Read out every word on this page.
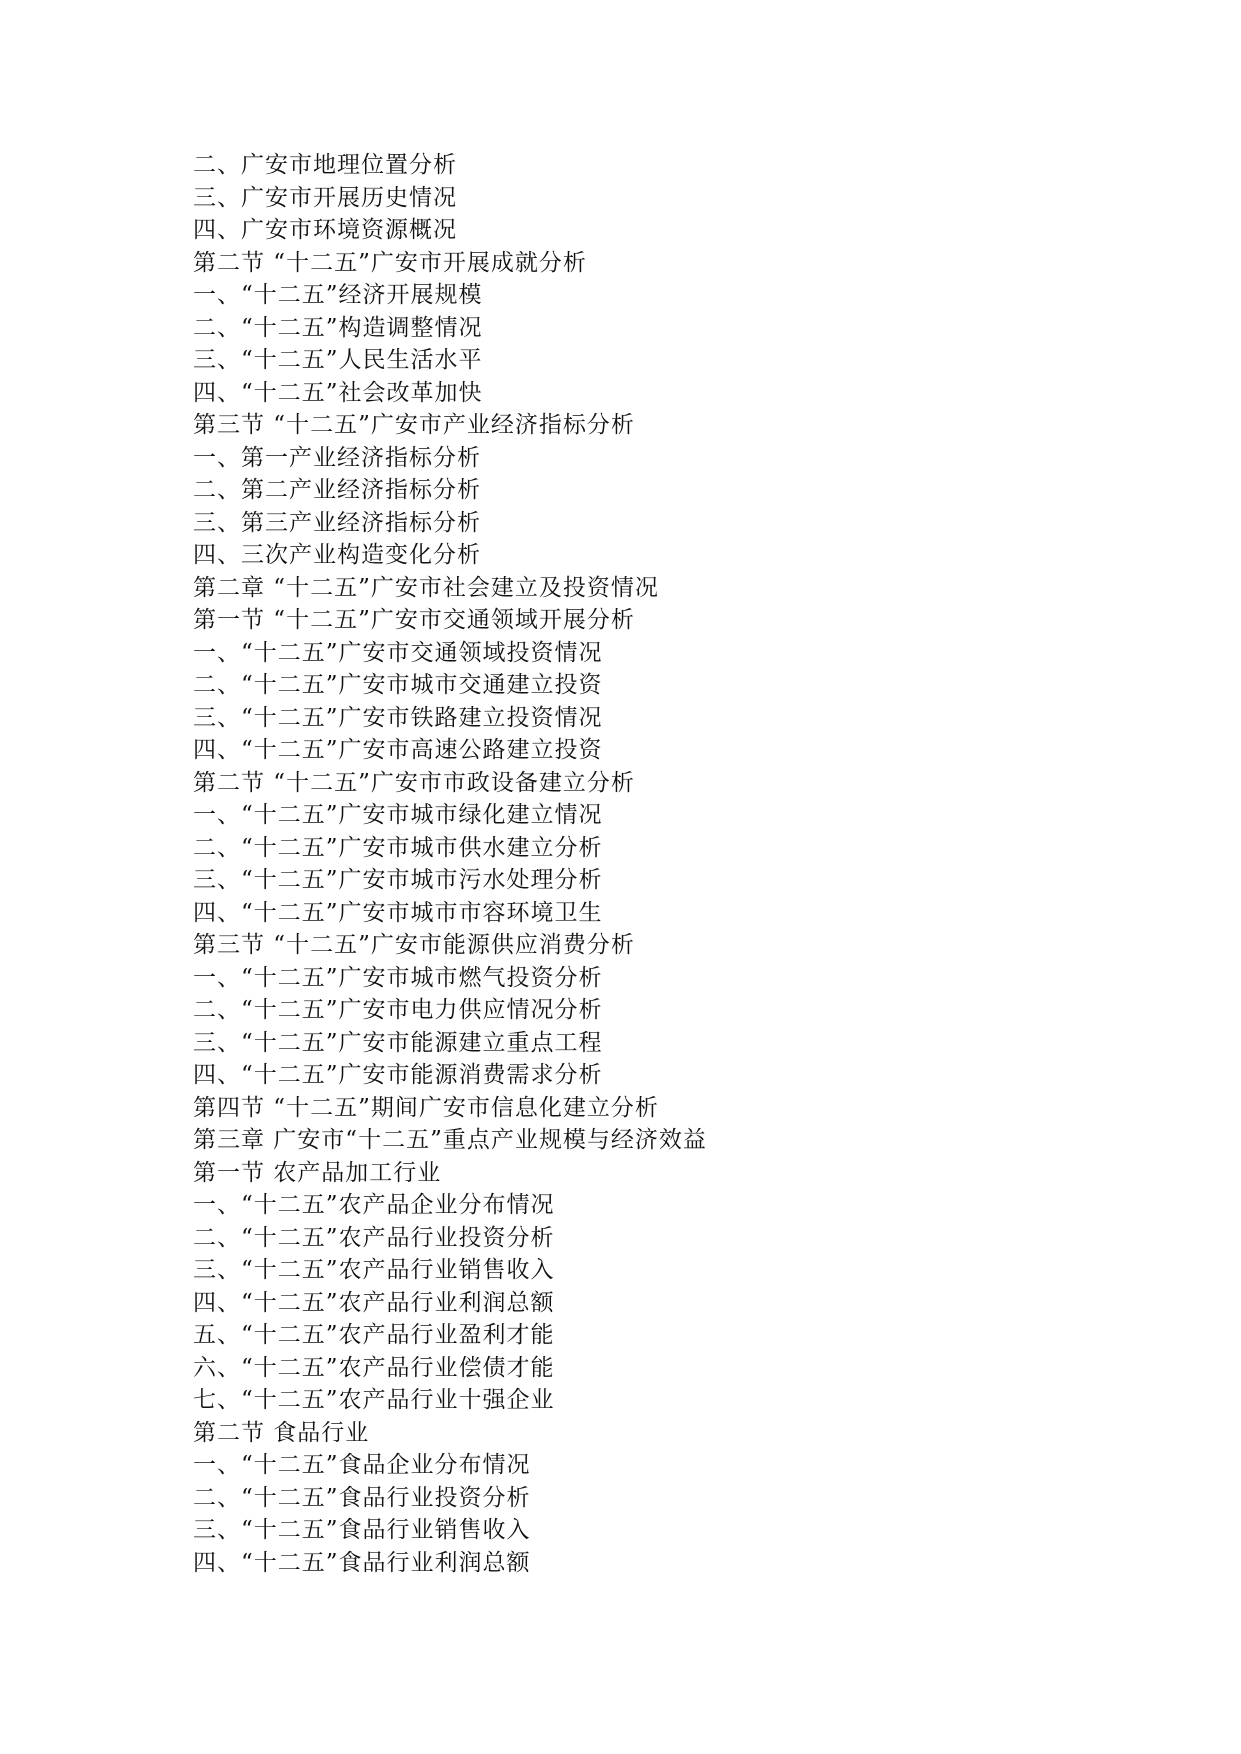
二、广安市地理位置分析
三、广安市开展历史情况
四、广安市环境资源概况
第二节 “十二五”广安市开展成就分析
一、“十二五”经济开展规模
二、“十二五”构造调整情况
三、“十二五”人民生活水平
四、“十二五”社会改革加快
第三节 “十二五”广安市产业经济指标分析
一、第一产业经济指标分析
二、第二产业经济指标分析
三、第三产业经济指标分析
四、三次产业构造变化分析
第二章 “十二五”广安市社会建立及投资情况
第一节 “十二五”广安市交通领域开展分析
一、“十二五”广安市交通领域投资情况
二、“十二五”广安市城市交通建立投资
三、“十二五”广安市铁路建立投资情况
四、“十二五”广安市高速公路建立投资
第二节 “十二五”广安市市政设备建立分析
一、“十二五”广安市城市绿化建立情况
二、“十二五”广安市城市供水建立分析
三、“十二五”广安市城市污水处理分析
四、“十二五”广安市城市市容环境卫生
第三节 “十二五”广安市能源供应消费分析
一、“十二五”广安市城市燃气投资分析
二、“十二五”广安市电力供应情况分析
三、“十二五”广安市能源建立重点工程
四、“十二五”广安市能源消费需求分析
第四节 “十二五”期间广安市信息化建立分析
第三章 广安市“十二五”重点产业规模与经济效益
第一节 农产品加工行业
一、“十二五”农产品企业分布情况
二、“十二五”农产品行业投资分析
三、“十二五”农产品行业销售收入
四、“十二五”农产品行业利润总额
五、“十二五”农产品行业盈利才能
六、“十二五”农产品行业偿债才能
七、“十二五”农产品行业十强企业
第二节 食品行业
一、“十二五”食品企业分布情况
二、“十二五”食品行业投资分析
三、“十二五”食品行业销售收入
四、“十二五”食品行业利润总额
